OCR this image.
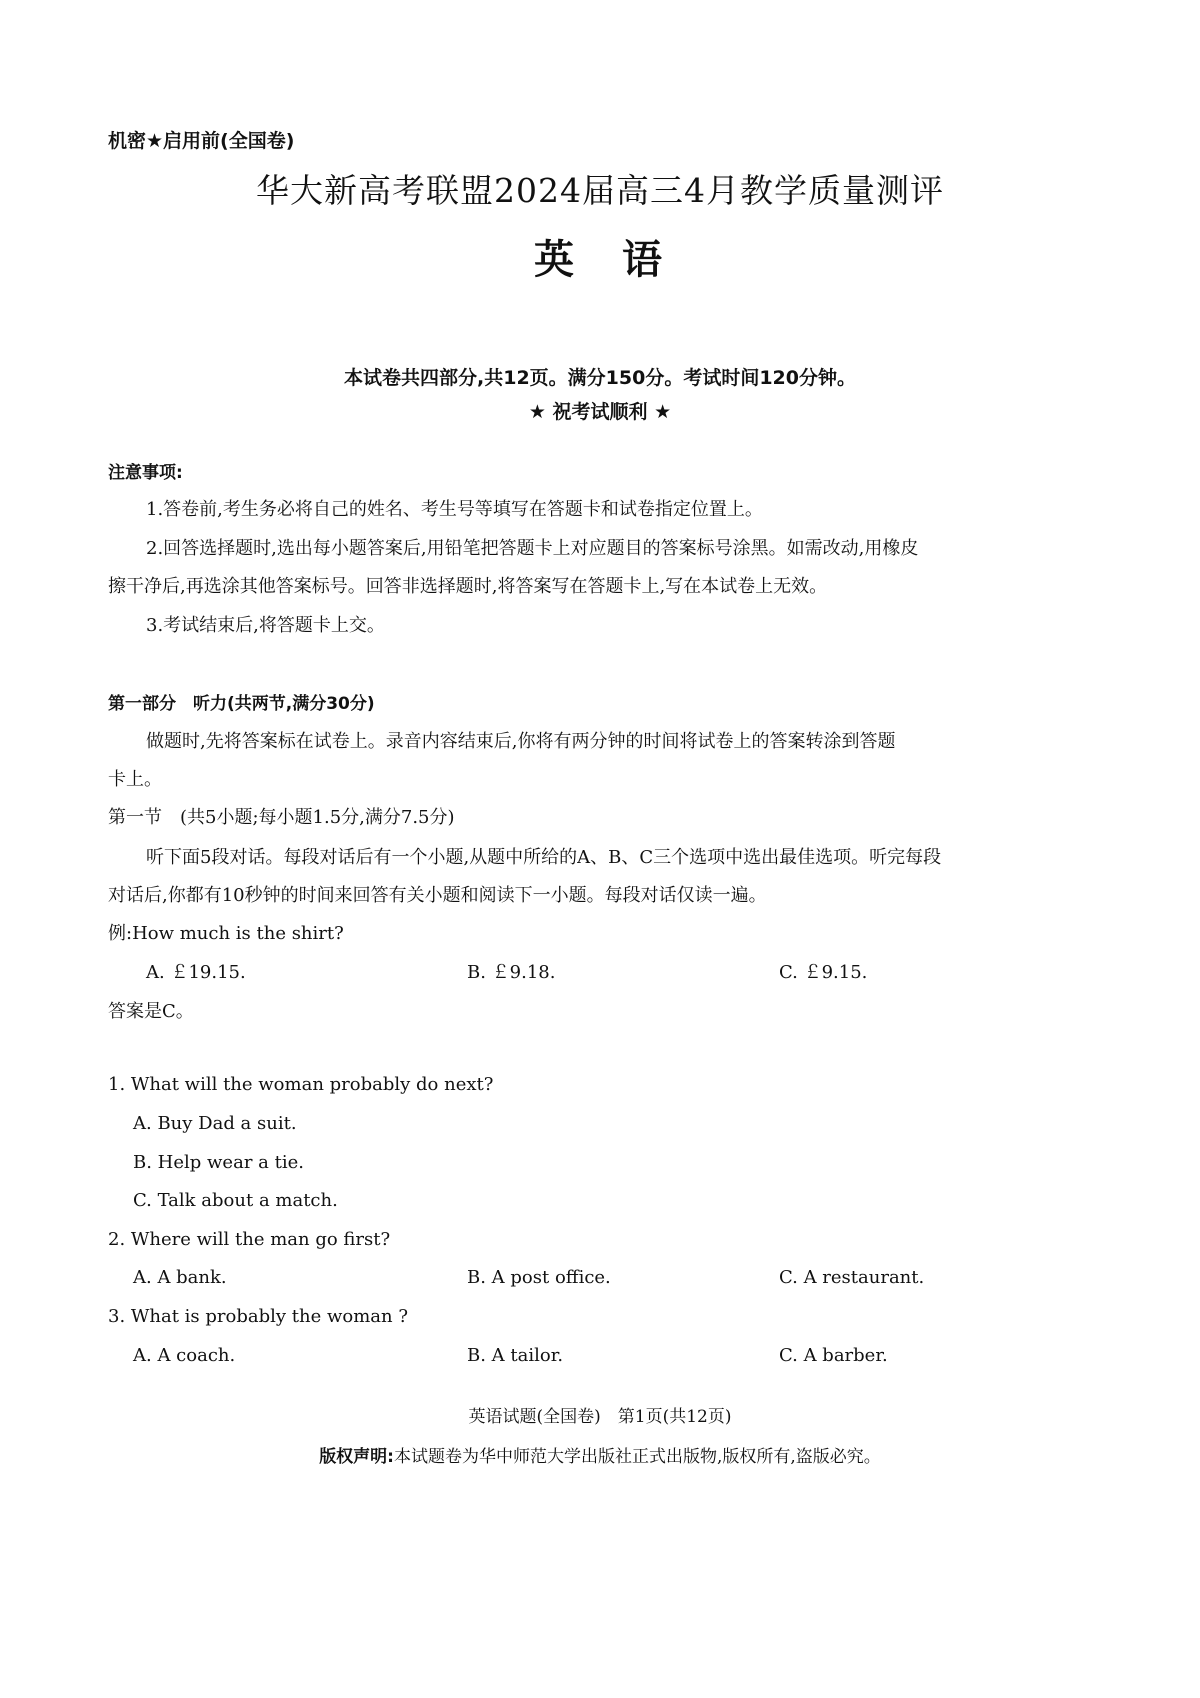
机密★启用前(全国卷)
华大新高考联盟2024届高三4月教学质量测评
英　语
本试卷共四部分,共12页。满分150分。考试时间120分钟。
★ 祝考试顺利 ★
注意事项:
1.答卷前,考生务必将自己的姓名、考生号等填写在答题卡和试卷指定位置上。
2.回答选择题时,选出每小题答案后,用铅笔把答题卡上对应题目的答案标号涂黑。如需改动,用橡皮
擦干净后,再选涂其他答案标号。回答非选择题时,将答案写在答题卡上,写在本试卷上无效。
3.考试结束后,将答题卡上交。
第一部分　听力(共两节,满分30分)
做题时,先将答案标在试卷上。录音内容结束后,你将有两分钟的时间将试卷上的答案转涂到答题
卡上。
第一节　(共5小题;每小题1.5分,满分7.5分)
听下面5段对话。每段对话后有一个小题,从题中所给的A、B、C三个选项中选出最佳选项。听完每段
对话后,你都有10秒钟的时间来回答有关小题和阅读下一小题。每段对话仅读一遍。
例:How much is the shirt?
A. ￡19.15.	B. ￡9.18.	C. ￡9.15.
答案是C。
1. What will the woman probably do next?
A. Buy Dad a suit.
B. Help wear a tie.
C. Talk about a match.
2. Where will the man go first?
A. A bank.	B. A post office.	C. A restaurant.
3. What is probably the woman ?
A. A coach.	B. A tailor.	C. A barber.
英语试题(全国卷)　第1页(共12页)
版权声明:本试题卷为华中师范大学出版社正式出版物,版权所有,盗版必究。
